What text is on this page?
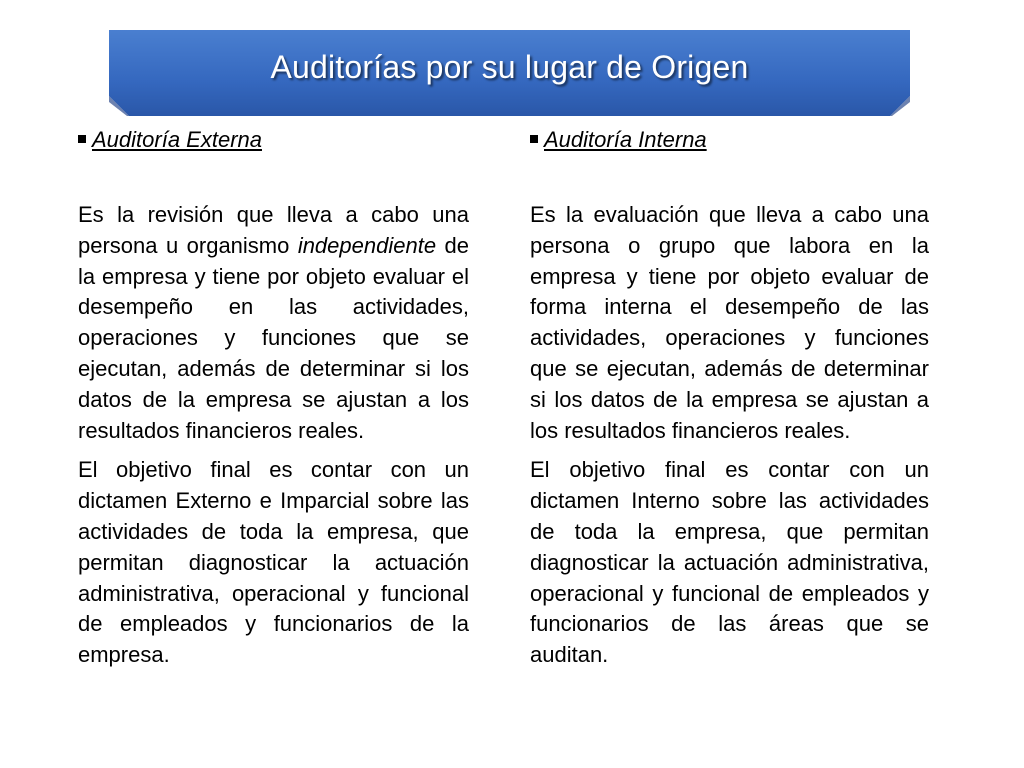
Auditorías por su lugar de Origen

Auditoría Externa

Es la revisión que lleva a cabo una persona u organismo independiente de la empresa y tiene por objeto evaluar el desempeño en las actividades, operaciones y funciones que se ejecutan, además de determinar si los datos de la empresa se ajustan a los resultados financieros reales.

El objetivo final es contar con un dictamen Externo e Imparcial sobre las actividades de toda la empresa, que permitan diagnosticar la actuación administrativa, operacional y funcional de empleados y funcionarios de la empresa.

Auditoría Interna

Es la evaluación que lleva a cabo una persona o grupo que labora en la empresa y tiene por objeto evaluar de forma interna el desempeño de las actividades, operaciones y funciones que se ejecutan, además de determinar si los datos de la empresa se ajustan a los resultados financieros reales.

El objetivo final es contar con un dictamen Interno sobre las actividades de toda la empresa, que permitan diagnosticar la actuación administrativa, operacional y funcional de empleados y funcionarios de las áreas que se auditan.
